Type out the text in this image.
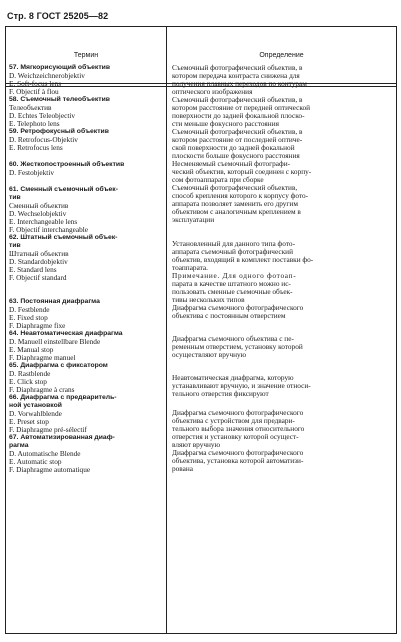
Стр. 8 ГОСТ 25205—82
Термин	Определение
57. Мягкорисующий объектив
D. Weichzeichnerobjektiv
E. Soft-focus lens
F. Objectif à flou
58. Съемочный телеобъектив
Телеобъектив
D. Echtes Teleobjectiv
E. Telephoto lens
59. Ретрофокусный объектив
D. Retrofocus-Objektiv
E. Retrofocus lens
60. Жесткопостроенный объектив
D. Festobjektiv
61. Сменный съемочный объек-
тив
Сменный объектив
D. Wechselobjektiv
E. Interchangeable lens
F. Objectif interchangeable
62. Штатный съемочный объек-
тив
Штатный объектив
D. Standardobjektiv
E. Standard lens
F. Objectif standard
63. Постоянная диафрагма
D. Festblende
E. Fixed stop
F. Diaphragme fixe
64. Неавтоматическая диафрагма
D. Manuell einstellbare Blende
E. Manual stop
F. Diaphragme manuel
65. Диафрагма с фиксатором
D. Rastblende
E. Click stop
F. Diaphragme à crans
66. Диафрагма с предваритель-
ной установкой
D. Vorwahlblende
E. Preset stop
F. Diaphragme pré-sélectif
67. Автоматизированная диаф-
рагма
D. Automatische Blende
E. Automatic stop
F. Diaphragme automatique
Съемочный фотографический объектив, в
котором передача контраста снижена для
получения плавных переходов по контурам
оптического изображения
Съемочный фотографический объектив, в
котором расстояние от передней оптической
поверхности до задней фокальной плоско-
сти меньше фокусного расстояния
Съемочный фотографический объектив, в
котором расстояние от последней оптиче-
ской поверхности до задней фокальной
плоскости больше фокусного расстояния
Несменяемый съемочный фотографи-
ческий объектив, который соединен с корпу-
сом фотоаппарата при сборке
Съемочный фотографический объектив,
способ крепления которого к корпусу фото-
аппарата позволяет заменить его другим
объективом с аналогичным креплением в
эксплуатации
Установленный для данного типа фото-
аппарата съемочный фотографический
объектив, входящий в комплект поставки фо-
тоаппарата.
Примечание. Для одного фотоап-
парата в качестве штатного можно ис-
пользовать сменные съемочные объек-
тивы нескольких типов
Диафрагма съемочного фотографического
объектива с постоянным отверстием
Диафрагма съемочного объектива с пе-
ременным отверстием, установку которой
осуществляют вручную
Неавтоматическая диафрагма, которую
устанавливают вручную, и значение относи-
тельного отверстия фиксируют
Диафрагма съемочного фотографического
объектива с устройством для предвари-
тельного выбора значения относительного
отверстия и установку которой осущест-
вляют вручную
Диафрагма съемочного фотографического
объектива, установка которой автоматизи-
рована
